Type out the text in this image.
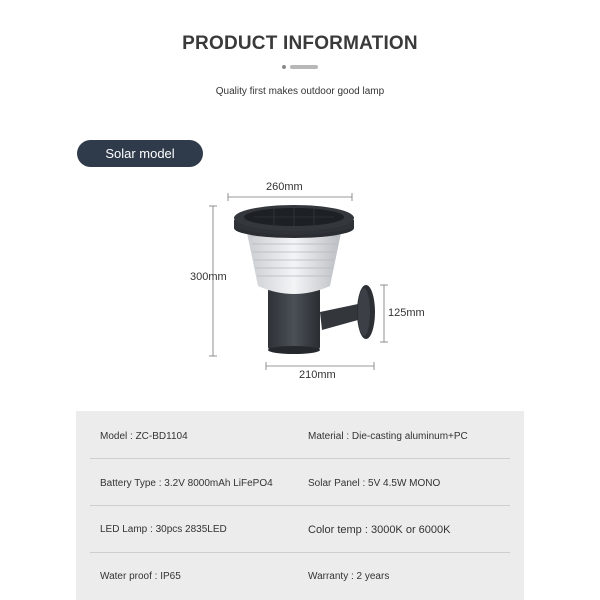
PRODUCT INFORMATION
Quality first makes outdoor good lamp
Solar model
260mm
300mm
125mm
210mm
Model : ZC-BD1104	Material : Die-casting aluminum+PC
Battery Type : 3.2V 8000mAh LiFePO4	Solar Panel : 5V 4.5W MONO
LED Lamp : 30pcs 2835LED	Color temp : 3000K or 6000K
Water proof : IP65	Warranty : 2 years
